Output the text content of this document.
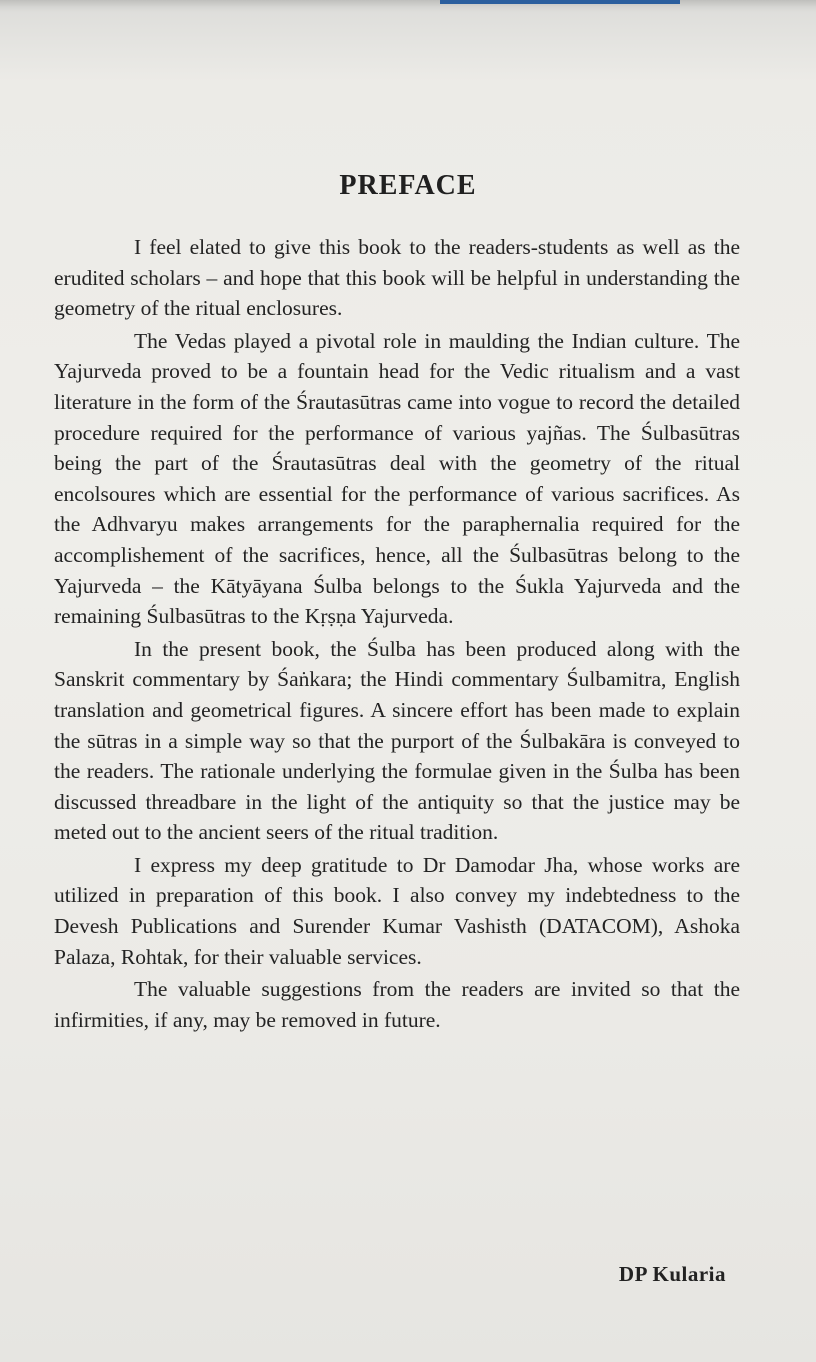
PREFACE

I feel elated to give this book to the readers-students as well as the erudited scholars – and hope that this book will be helpful in understanding the geometry of the ritual enclosures.

The Vedas played a pivotal role in maulding the Indian culture. The Yajurveda proved to be a fountain head for the Vedic ritualism and a vast literature in the form of the Śrautasūtras came into vogue to record the detailed procedure required for the performance of various yajñas. The Śulbasūtras being the part of the Śrautasūtras deal with the geometry of the ritual encolsoures which are essential for the performance of various sacrifices. As the Adhvaryu makes arrangements for the paraphernalia required for the accomplishement of the sacrifices, hence, all the Śulbasūtras belong to the Yajurveda – the Kātyāyana Śulba belongs to the Śukla Yajurveda and the remaining Śulbasūtras to the Kṛṣṇa Yajurveda.

In the present book, the Śulba has been produced along with the Sanskrit commentary by Śaṅkara; the Hindi commentary Śulbamitra, English translation and geometrical figures. A sincere effort has been made to explain the sūtras in a simple way so that the purport of the Śulbakāra is conveyed to the readers. The rationale underlying the formulae given in the Śulba has been discussed threadbare in the light of the antiquity so that the justice may be meted out to the ancient seers of the ritual tradition.

I express my deep gratitude to Dr Damodar Jha, whose works are utilized in preparation of this book. I also convey my indebtedness to the Devesh Publications and Surender Kumar Vashisth (DATACOM), Ashoka Palaza, Rohtak, for their valuable services.

The valuable suggestions from the readers are invited so that the infirmities, if any, may be removed in future.

DP Kularia
